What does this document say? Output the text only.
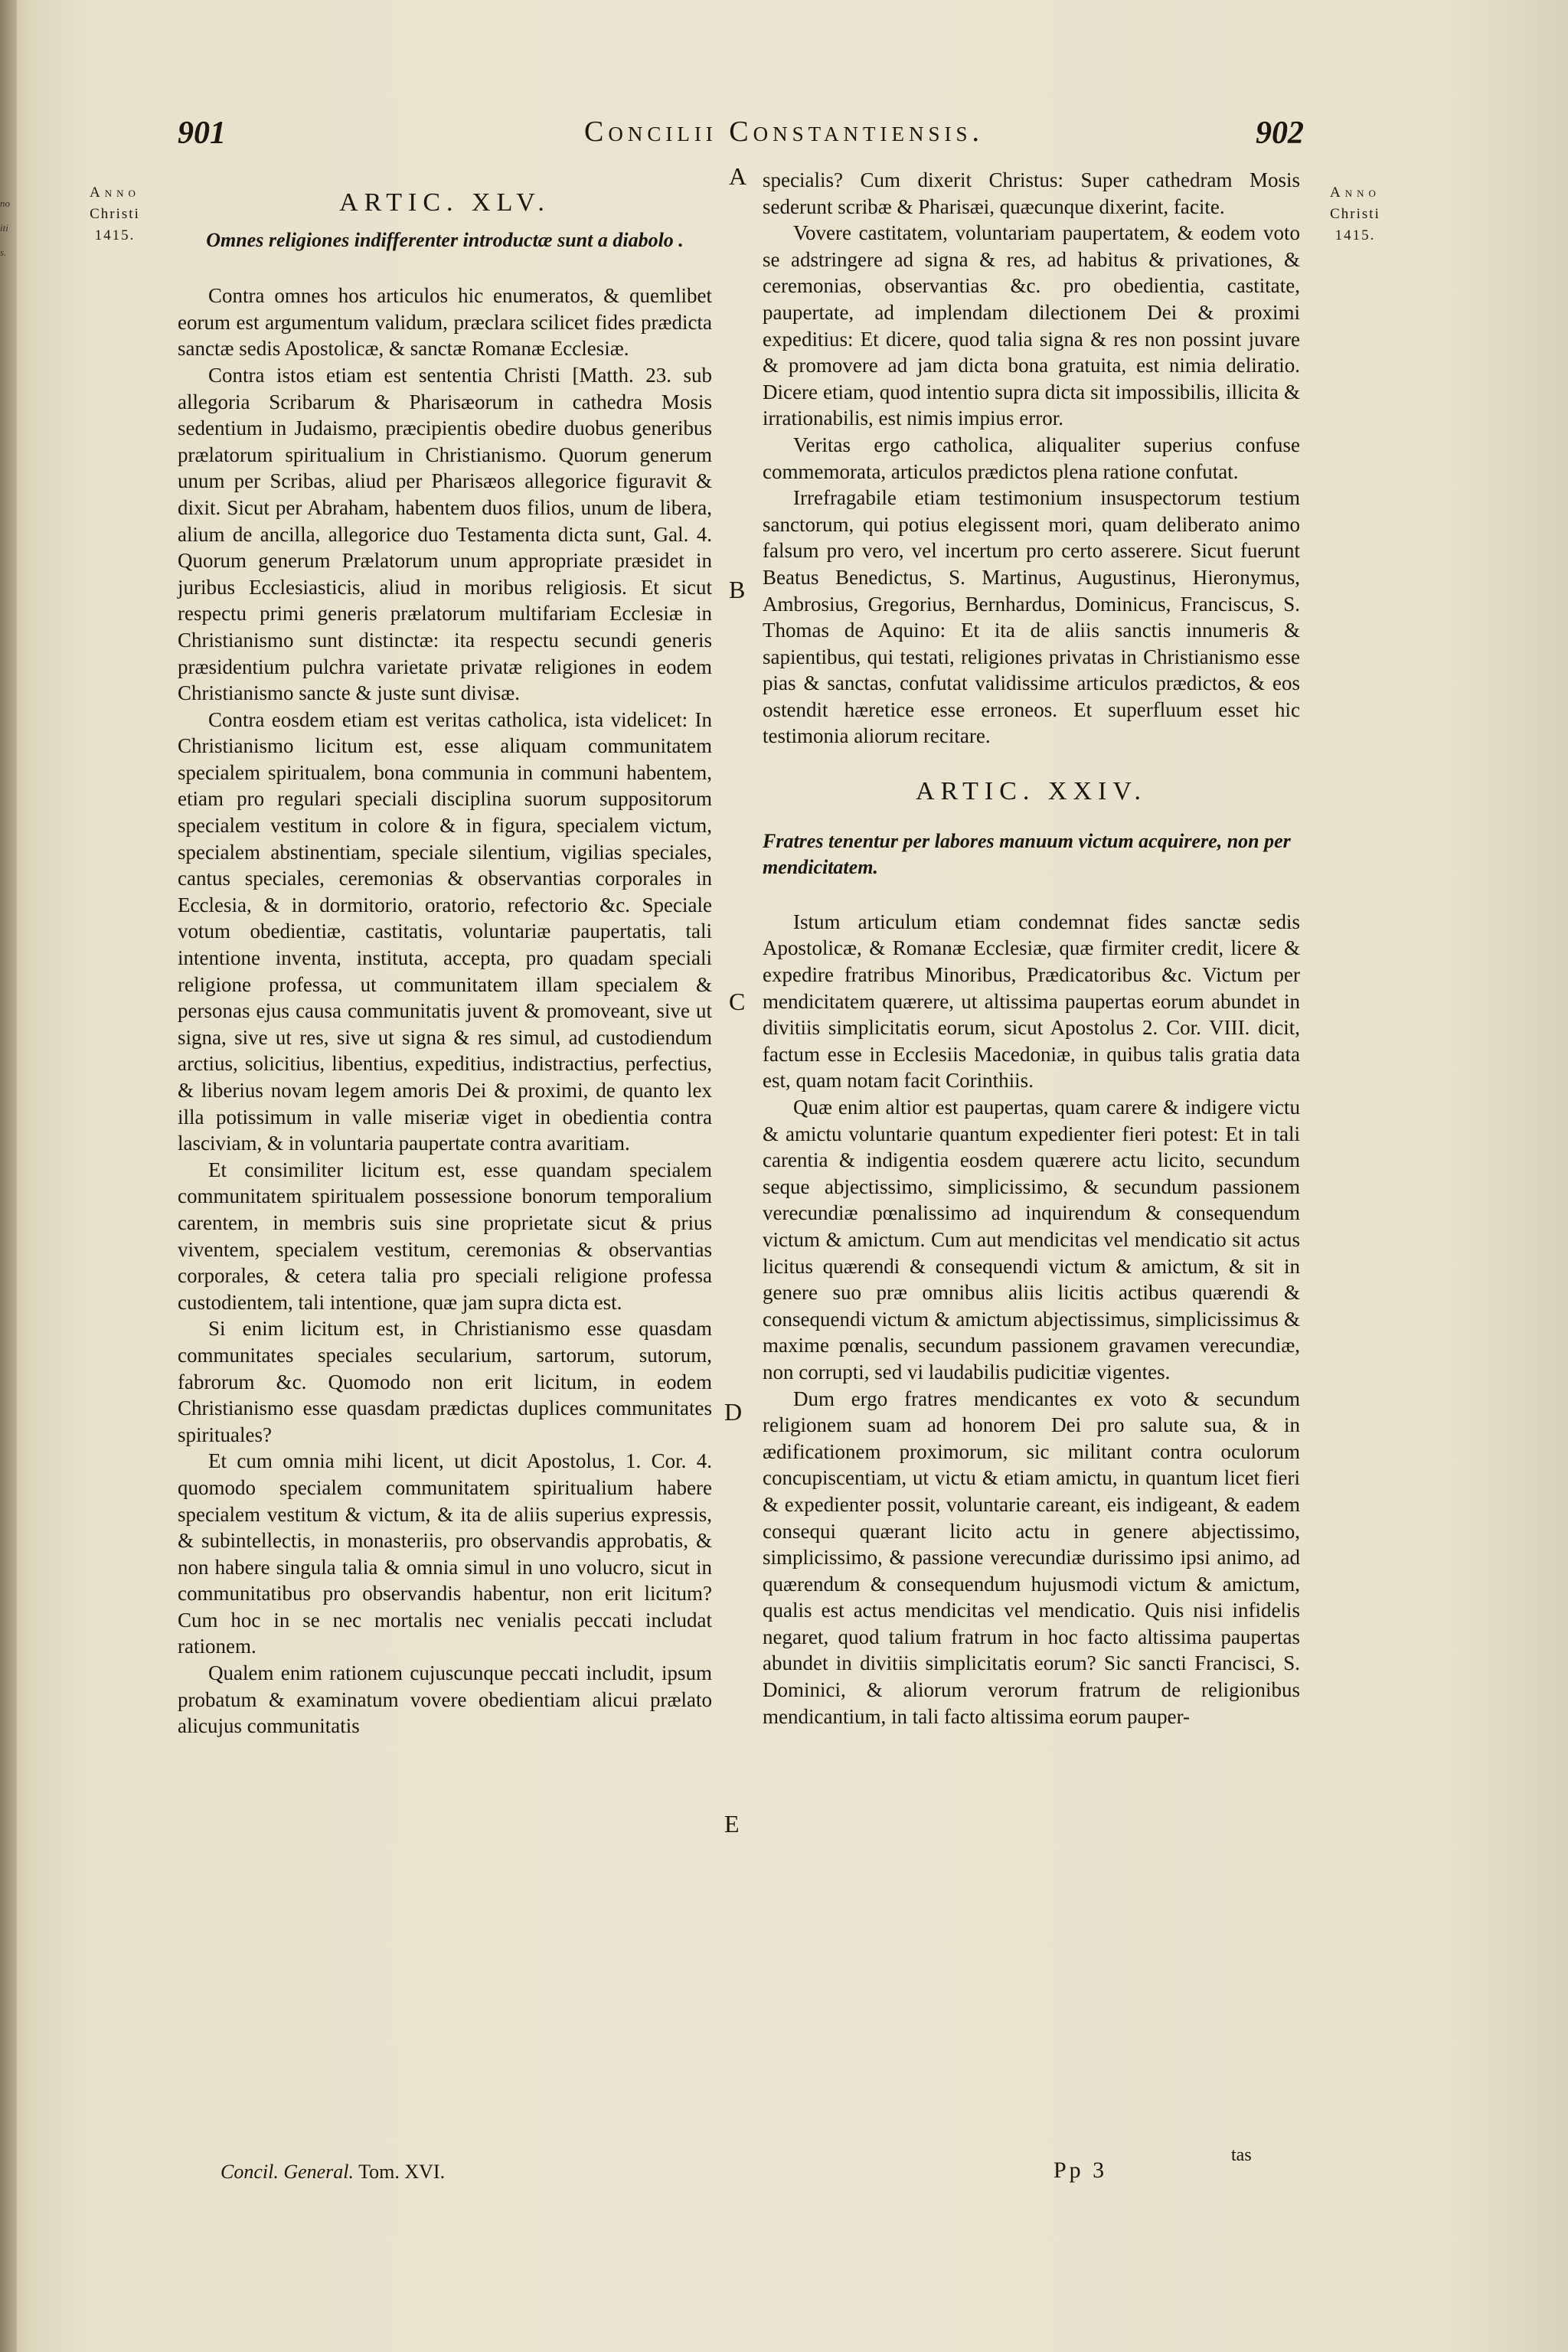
no
iti
s.
901	Concilii Constantiensis.	902
Anno
Christi
1415.
Anno
Christi
1415.
A
B
C
D
E

ARTIC. XLV.

Omnes religiones indifferenter introductæ sunt a diabolo .

Contra omnes hos articulos hic enumeratos, & quemlibet eorum est argumentum validum, præclara scilicet fides prædicta sanctæ sedis Apostolicæ, & sanctæ Romanæ Ecclesiæ.

Contra istos etiam est sententia Christi [Matth. 23. sub allegoria Scribarum & Pharisæorum in cathedra Mosis sedentium in Judaismo, præcipientis obedire duobus generibus prælatorum spiritualium in Christianismo. Quorum generum unum per Scribas, aliud per Pharisæos allegorice figuravit & dixit. Sicut per Abraham, habentem duos filios, unum de libera, alium de ancilla, allegorice duo Testamenta dicta sunt, Gal. 4. Quorum generum Prælatorum unum appropriate præsidet in juribus Ecclesiasticis, aliud in moribus religiosis. Et sicut respectu primi generis prælatorum multifariam Ecclesiæ in Christianismo sunt distinctæ: ita respectu secundi generis præsidentium pulchra varietate privatæ religiones in eodem Christianismo sancte & juste sunt divisæ.

Contra eosdem etiam est veritas catholica, ista videlicet: In Christianismo licitum est, esse aliquam communitatem specialem spiritualem, bona communia in communi habentem, etiam pro regulari speciali disciplina suorum suppositorum specialem vestitum in colore & in figura, specialem victum, specialem abstinentiam, speciale silentium, vigilias speciales, cantus speciales, ceremonias & observantias corporales in Ecclesia, & in dormitorio, oratorio, refectorio &c. Speciale votum obedientiæ, castitatis, voluntariæ paupertatis, tali intentione inventa, instituta, accepta, pro quadam speciali religione professa, ut communitatem illam specialem & personas ejus causa communitatis juvent & promoveant, sive ut signa, sive ut res, sive ut signa & res simul, ad custodiendum arctius, solicitius, libentius, expeditius, indistractius, perfectius, & liberius novam legem amoris Dei & proximi, de quanto lex illa potissimum in valle miseriæ viget in obedientia contra lasciviam, & in voluntaria paupertate contra avaritiam.

Et consimiliter licitum est, esse quandam specialem communitatem spiritualem possessione bonorum temporalium carentem, in membris suis sine proprietate sicut & prius viventem, specialem vestitum, ceremonias & observantias corporales, & cetera talia pro speciali religione professa custodientem, tali intentione, quæ jam supra dicta est.

Si enim licitum est, in Christianismo esse quasdam communitates speciales secularium, sartorum, sutorum, fabrorum &c. Quomodo non erit licitum, in eodem Christianismo esse quasdam prædictas duplices communitates spirituales?

Et cum omnia mihi licent, ut dicit Apostolus, 1. Cor. 4. quomodo specialem communitatem spiritualium habere specialem vestitum & victum, & ita de aliis superius expressis, & subintellectis, in monasteriis, pro observandis approbatis, & non habere singula talia & omnia simul in uno volucro, sicut in communitatibus pro observandis habentur, non erit licitum? Cum hoc in se nec mortalis nec venialis peccati includat rationem.

Qualem enim rationem cujuscunque peccati includit, ipsum probatum & examinatum vovere obedientiam alicui prælato alicujus communitatis

specialis? Cum dixerit Christus: Super cathedram Mosis sederunt scribæ & Pharisæi, quæcunque dixerint, facite.

Vovere castitatem, voluntariam paupertatem, & eodem voto se adstringere ad signa & res, ad habitus & privationes, & ceremonias, observantias &c. pro obedientia, castitate, paupertate, ad implendam dilectionem Dei & proximi expeditius: Et dicere, quod talia signa & res non possint juvare & promovere ad jam dicta bona gratuita, est nimia deliratio. Dicere etiam, quod intentio supra dicta sit impossibilis, illicita & irrationabilis, est nimis impius error.

Veritas ergo catholica, aliqualiter superius confuse commemorata, articulos prædictos plena ratione confutat.

Irrefragabile etiam testimonium insuspectorum testium sanctorum, qui potius elegissent mori, quam deliberato animo falsum pro vero, vel incertum pro certo asserere. Sicut fuerunt Beatus Benedictus, S. Martinus, Augustinus, Hieronymus, Ambrosius, Gregorius, Bernhardus, Dominicus, Franciscus, S. Thomas de Aquino: Et ita de aliis sanctis innumeris & sapientibus, qui testati, religiones privatas in Christianismo esse pias & sanctas, confutat validissime articulos prædictos, & eos ostendit hæretice esse erroneos. Et superfluum esset hic testimonia aliorum recitare.

ARTIC. XXIV.

Fratres tenentur per labores manuum victum acquirere, non per mendicitatem.

Istum articulum etiam condemnat fides sanctæ sedis Apostolicæ, & Romanæ Ecclesiæ, quæ firmiter credit, licere & expedire fratribus Minoribus, Prædicatoribus &c. Victum per mendicitatem quærere, ut altissima paupertas eorum abundet in divitiis simplicitatis eorum, sicut Apostolus 2. Cor. VIII. dicit, factum esse in Ecclesiis Macedoniæ, in quibus talis gratia data est, quam notam facit Corinthiis.

Quæ enim altior est paupertas, quam carere & indigere victu & amictu voluntarie quantum expedienter fieri potest: Et in tali carentia & indigentia eosdem quærere actu licito, secundum seque abjectissimo, simplicissimo, & secundum passionem verecundiæ pœnalissimo ad inquirendum & consequendum victum & amictum. Cum aut mendicitas vel mendicatio sit actus licitus quærendi & consequendi victum & amictum, & sit in genere suo præ omnibus aliis licitis actibus quærendi & consequendi victum & amictum abjectissimus, simplicissimus & maxime pœnalis, secundum passionem gravamen verecundiæ, non corrupti, sed vi laudabilis pudicitiæ vigentes.

Dum ergo fratres mendicantes ex voto & secundum religionem suam ad honorem Dei pro salute sua, & in ædificationem proximorum, sic militant contra oculorum concupiscentiam, ut victu & etiam amictu, in quantum licet fieri & expedienter possit, voluntarie careant, eis indigeant, & eadem consequi quærant licito actu in genere abjectissimo, simplicissimo, & passione verecundiæ durissimo ipsi animo, ad quærendum & consequendum hujusmodi victum & amictum, qualis est actus mendicitas vel mendicatio. Quis nisi infidelis negaret, quod talium fratrum in hoc facto altissima paupertas abundet in divitiis simplicitatis eorum? Sic sancti Francisci, S. Dominici, & aliorum verorum fratrum de religionibus mendicantium, in tali facto altissima eorum pauper-

Concil. General. Tom. XVI.	Pp 3
tas
